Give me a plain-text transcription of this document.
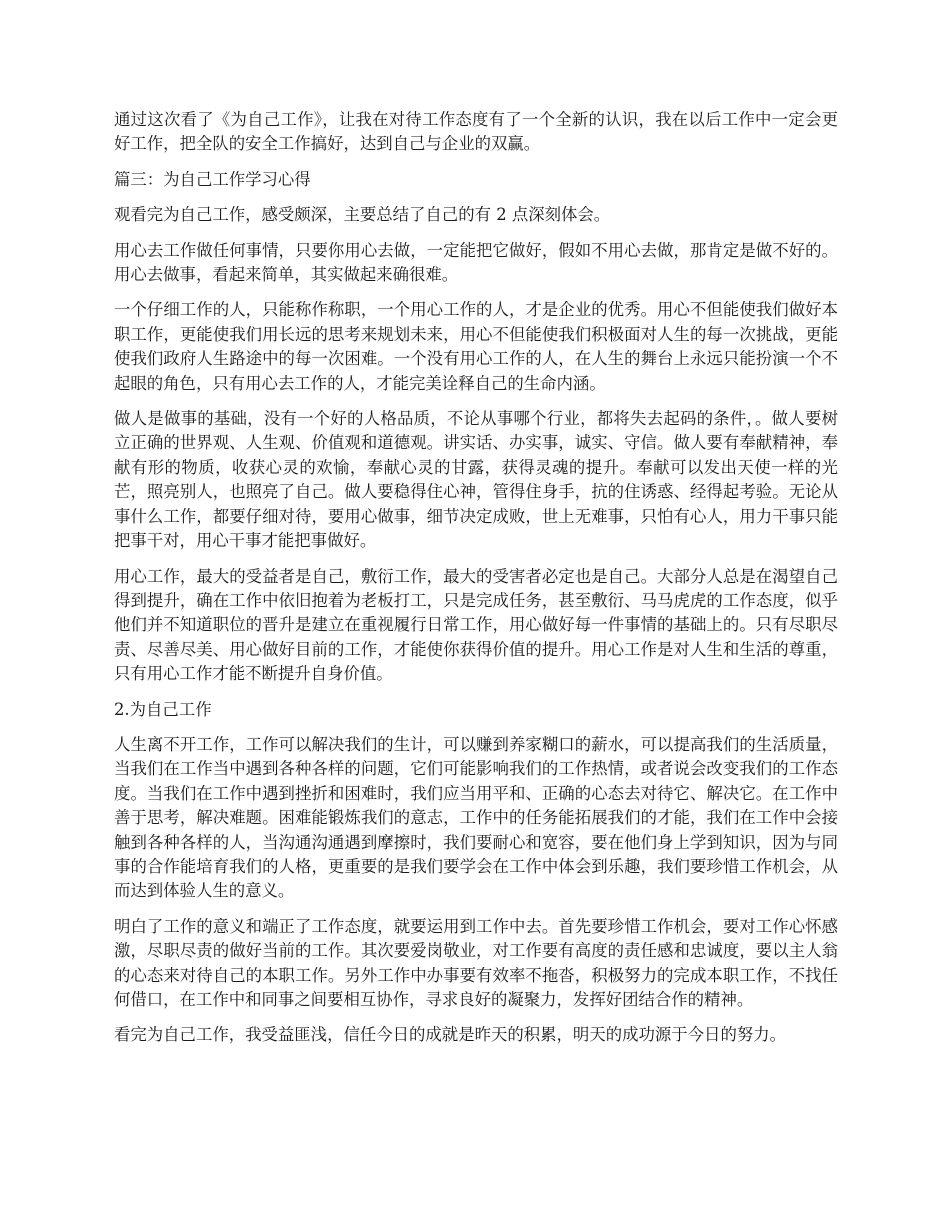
通过这次看了《为自己工作》，让我在对待工作态度有了一个全新的认识，我在以后工作中一定会更好工作，把全队的安全工作搞好，达到自己与企业的双赢。

篇三：为自己工作学习心得

观看完为自己工作，感受颇深，主要总结了自己的有 2 点深刻体会。

用心去工作做任何事情，只要你用心去做，一定能把它做好，假如不用心去做，那肯定是做不好的。用心去做事，看起来简单，其实做起来确很难。

一个仔细工作的人，只能称作称职，一个用心工作的人，才是企业的优秀。用心不但能使我们做好本职工作，更能使我们用长远的思考来规划未来，用心不但能使我们积极面对人生的每一次挑战，更能使我们政府人生路途中的每一次困难。一个没有用心工作的人，在人生的舞台上永远只能扮演一个不起眼的角色，只有用心去工作的人，才能完美诠释自己的生命内涵。

做人是做事的基础，没有一个好的人格品质，不论从事哪个行业，都将失去起码的条件，。做人要树立正确的世界观、人生观、价值观和道德观。讲实话、办实事，诚实、守信。做人要有奉献精神，奉献有形的物质，收获心灵的欢愉，奉献心灵的甘露，获得灵魂的提升。奉献可以发出天使一样的光芒，照亮别人，也照亮了自己。做人要稳得住心神，管得住身手，抗的住诱惑、经得起考验。无论从事什么工作，都要仔细对待，要用心做事，细节决定成败，世上无难事，只怕有心人，用力干事只能把事干对，用心干事才能把事做好。

用心工作，最大的受益者是自己，敷衍工作，最大的受害者必定也是自己。大部分人总是在渴望自己得到提升，确在工作中依旧抱着为老板打工，只是完成任务，甚至敷衍、马马虎虎的工作态度，似乎他们并不知道职位的晋升是建立在重视履行日常工作，用心做好每一件事情的基础上的。只有尽职尽责、尽善尽美、用心做好目前的工作，才能使你获得价值的提升。用心工作是对人生和生活的尊重，只有用心工作才能不断提升自身价值。

2.为自己工作

人生离不开工作，工作可以解决我们的生计，可以赚到养家糊口的薪水，可以提高我们的生活质量，当我们在工作当中遇到各种各样的问题，它们可能影响我们的工作热情，或者说会改变我们的工作态度。当我们在工作中遇到挫折和困难时，我们应当用平和、正确的心态去对待它、解决它。在工作中善于思考，解决难题。困难能锻炼我们的意志，工作中的任务能拓展我们的才能，我们在工作中会接触到各种各样的人，当沟通沟通遇到摩擦时，我们要耐心和宽容，要在他们身上学到知识，因为与同事的合作能培育我们的人格，更重要的是我们要学会在工作中体会到乐趣，我们要珍惜工作机会，从而达到体验人生的意义。

明白了工作的意义和端正了工作态度，就要运用到工作中去。首先要珍惜工作机会，要对工作心怀感激，尽职尽责的做好当前的工作。其次要爱岗敬业，对工作要有高度的责任感和忠诚度，要以主人翁的心态来对待自己的本职工作。另外工作中办事要有效率不拖沓，积极努力的完成本职工作，不找任何借口，在工作中和同事之间要相互协作，寻求良好的凝聚力，发挥好团结合作的精神。

看完为自己工作，我受益匪浅，信任今日的成就是昨天的积累，明天的成功源于今日的努力。
